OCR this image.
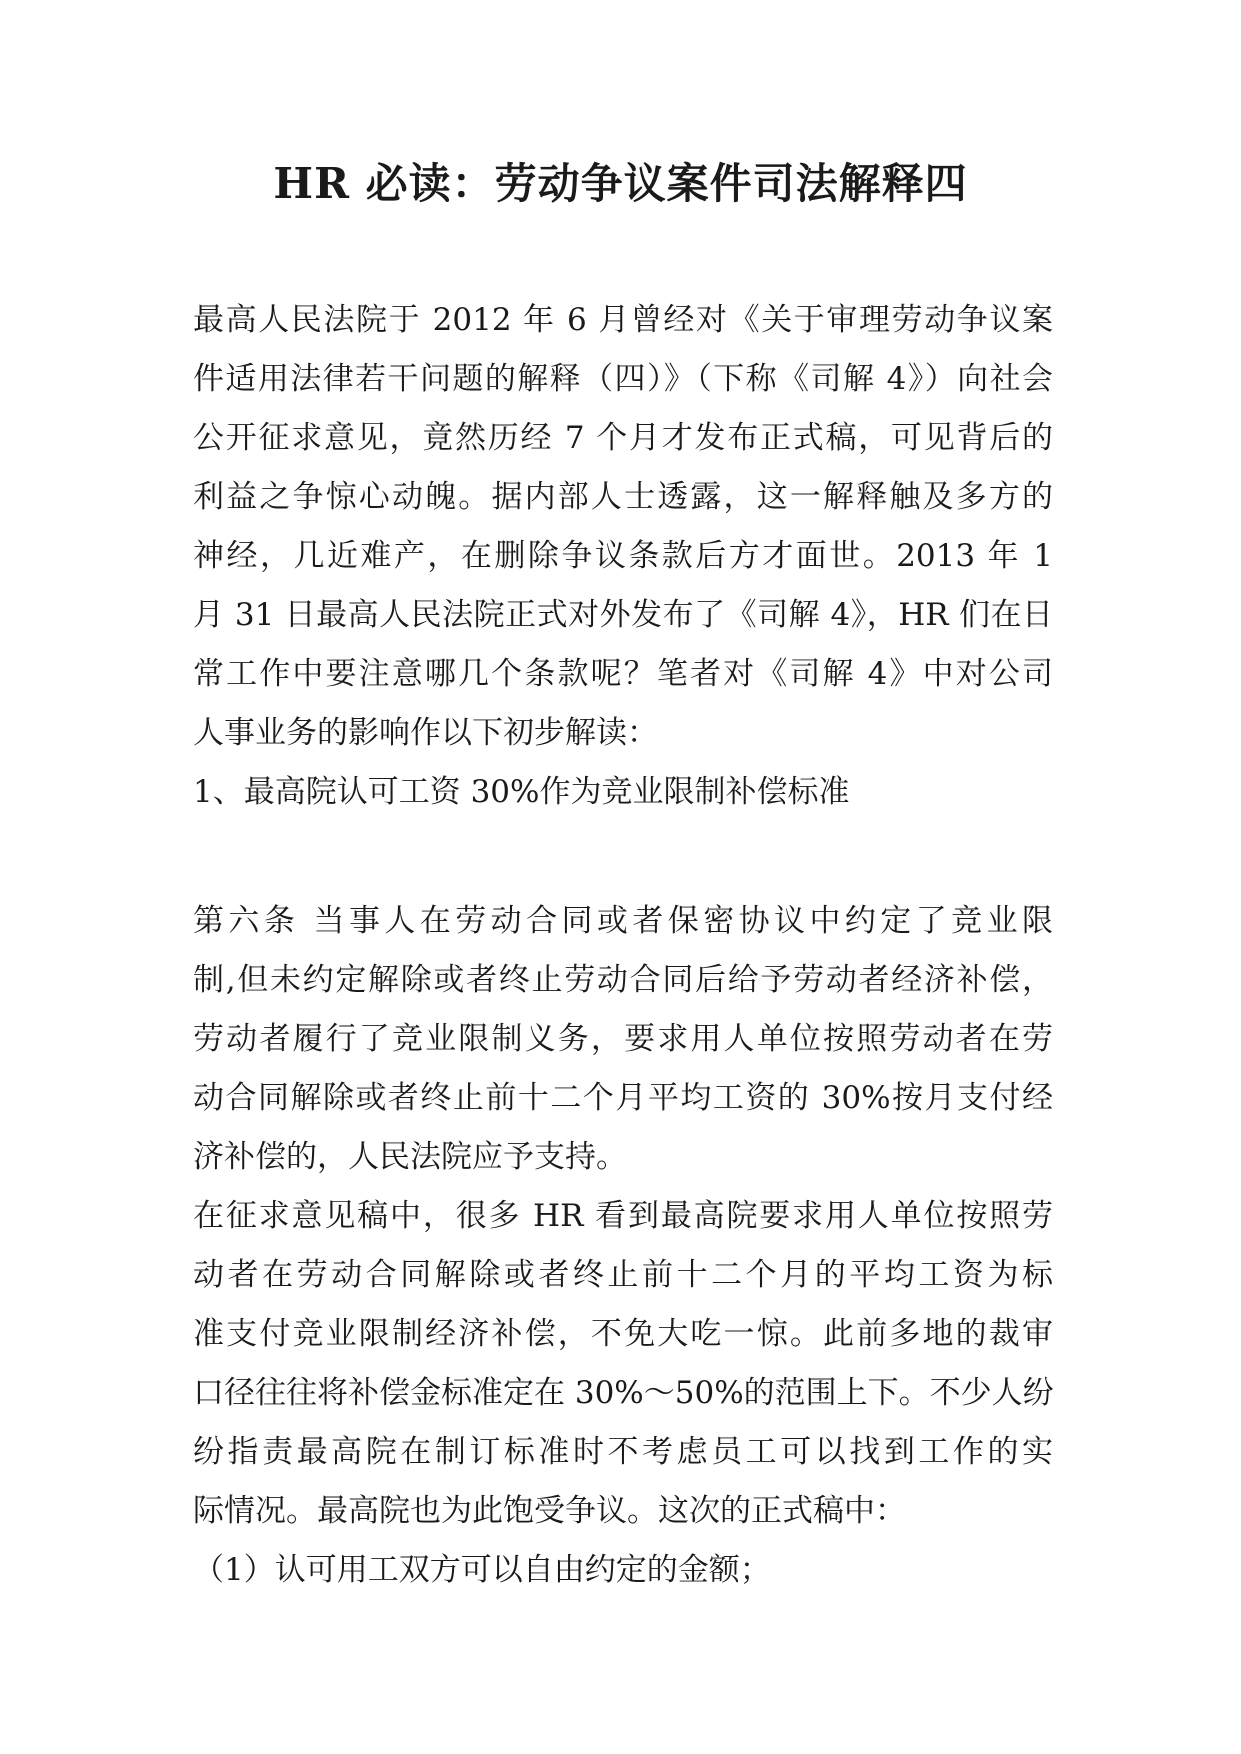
HR 必读：劳动争议案件司法解释四

最高人民法院于 2012 年 6 月曾经对《关于审理劳动争议案

件适用法律若干问题的解释（四）》（下称《司解 4》）向社会

公开征求意见，竟然历经 7 个月才发布正式稿，可见背后的

利益之争惊心动魄。据内部人士透露，这一解释触及多方的

神经，几近难产，在删除争议条款后方才面世。2013 年 1

月 31 日最高人民法院正式对外发布了《司解 4》，HR 们在日

常工作中要注意哪几个条款呢？笔者对《司解 4》中对公司

人事业务的影响作以下初步解读：

1、最高院认可工资 30%作为竞业限制补偿标准

第六条 当事人在劳动合同或者保密协议中约定了竞业限

制,但未约定解除或者终止劳动合同后给予劳动者经济补偿，

劳动者履行了竞业限制义务，要求用人单位按照劳动者在劳

动合同解除或者终止前十二个月平均工资的 30%按月支付经

济补偿的，人民法院应予支持。

在征求意见稿中，很多 HR 看到最高院要求用人单位按照劳

动者在劳动合同解除或者终止前十二个月的平均工资为标

准支付竞业限制经济补偿，不免大吃一惊。此前多地的裁审

口径往往将补偿金标准定在 30%～50%的范围上下。不少人纷

纷指责最高院在制订标准时不考虑员工可以找到工作的实

际情况。最高院也为此饱受争议。这次的正式稿中：

（1）认可用工双方可以自由约定的金额；
